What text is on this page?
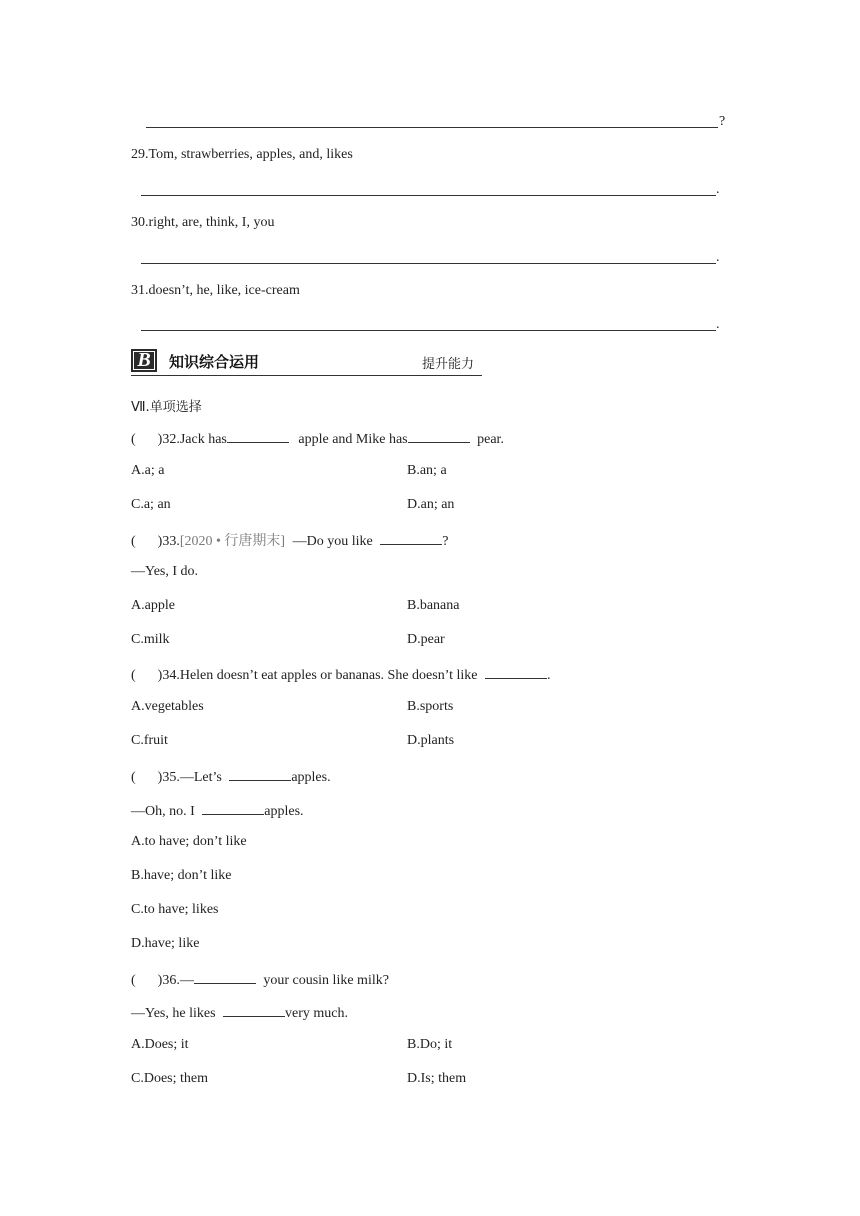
?
29.Tom, strawberries, apples, and, likes
.
30.right, are, think, I, you
.
31.doesn’t, he, like, ice-cream
.
B	知识综合运用	提升能力
Ⅶ.单项选择
( )32.Jack has	apple and Mike has	pear.
A.a; a	B.an; a
C.a; an	D.an; an
( )33.[2020 • 行唐期末] —Do you like	?
—Yes, I do.
A.apple	B.banana
C.milk	D.pear
( )34.Helen doesn’t eat apples or bananas. She doesn’t like	.
A.vegetables	B.sports
C.fruit	D.plants
( )35.—Let’s	apples.
—Oh, no. I	apples.
A.to have; don’t like
B.have; don’t like
C.to have; likes
D.have; like
( )36.—	your cousin like milk?
—Yes, he likes	very much.
A.Does; it	B.Do; it
C.Does; them	D.Is; them
